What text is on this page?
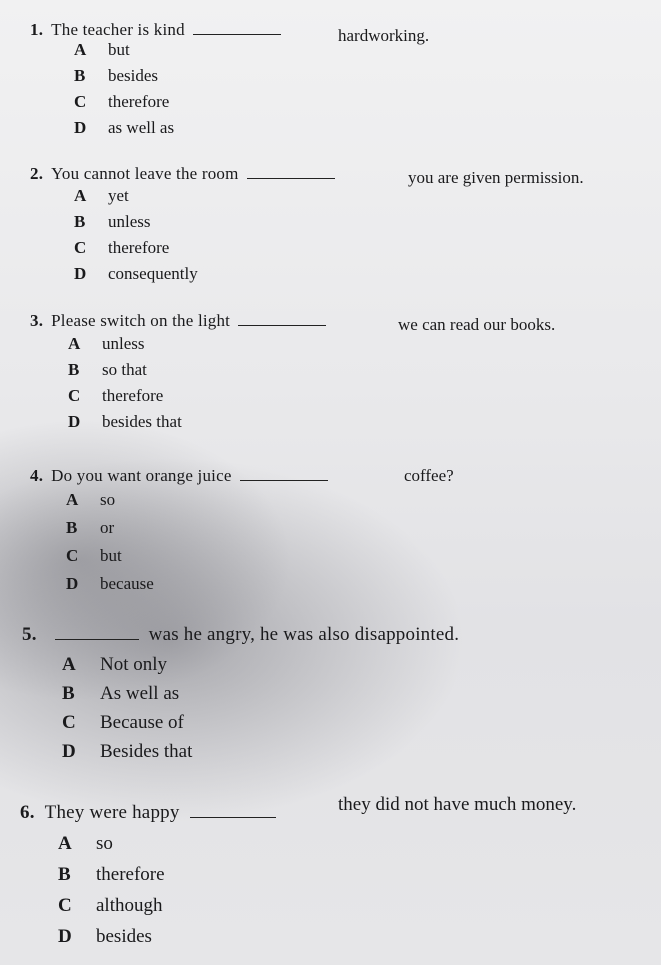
1. The teacher is kind	hardworking.
A but
B besides
C therefore
D as well as
2. You cannot leave the room	you are given permission.
A yet
B unless
C therefore
D consequently
3. Please switch on the light	we can read our books.
A unless
B so that
C therefore
D besides that
4. Do you want orange juice	coffee?
A so
B or
C but
D because
5.	was he angry, he was also disappointed.
A Not only
B As well as
C Because of
D Besides that
6. They were happy	they did not have much money.
A so
B therefore
C although
D besides
